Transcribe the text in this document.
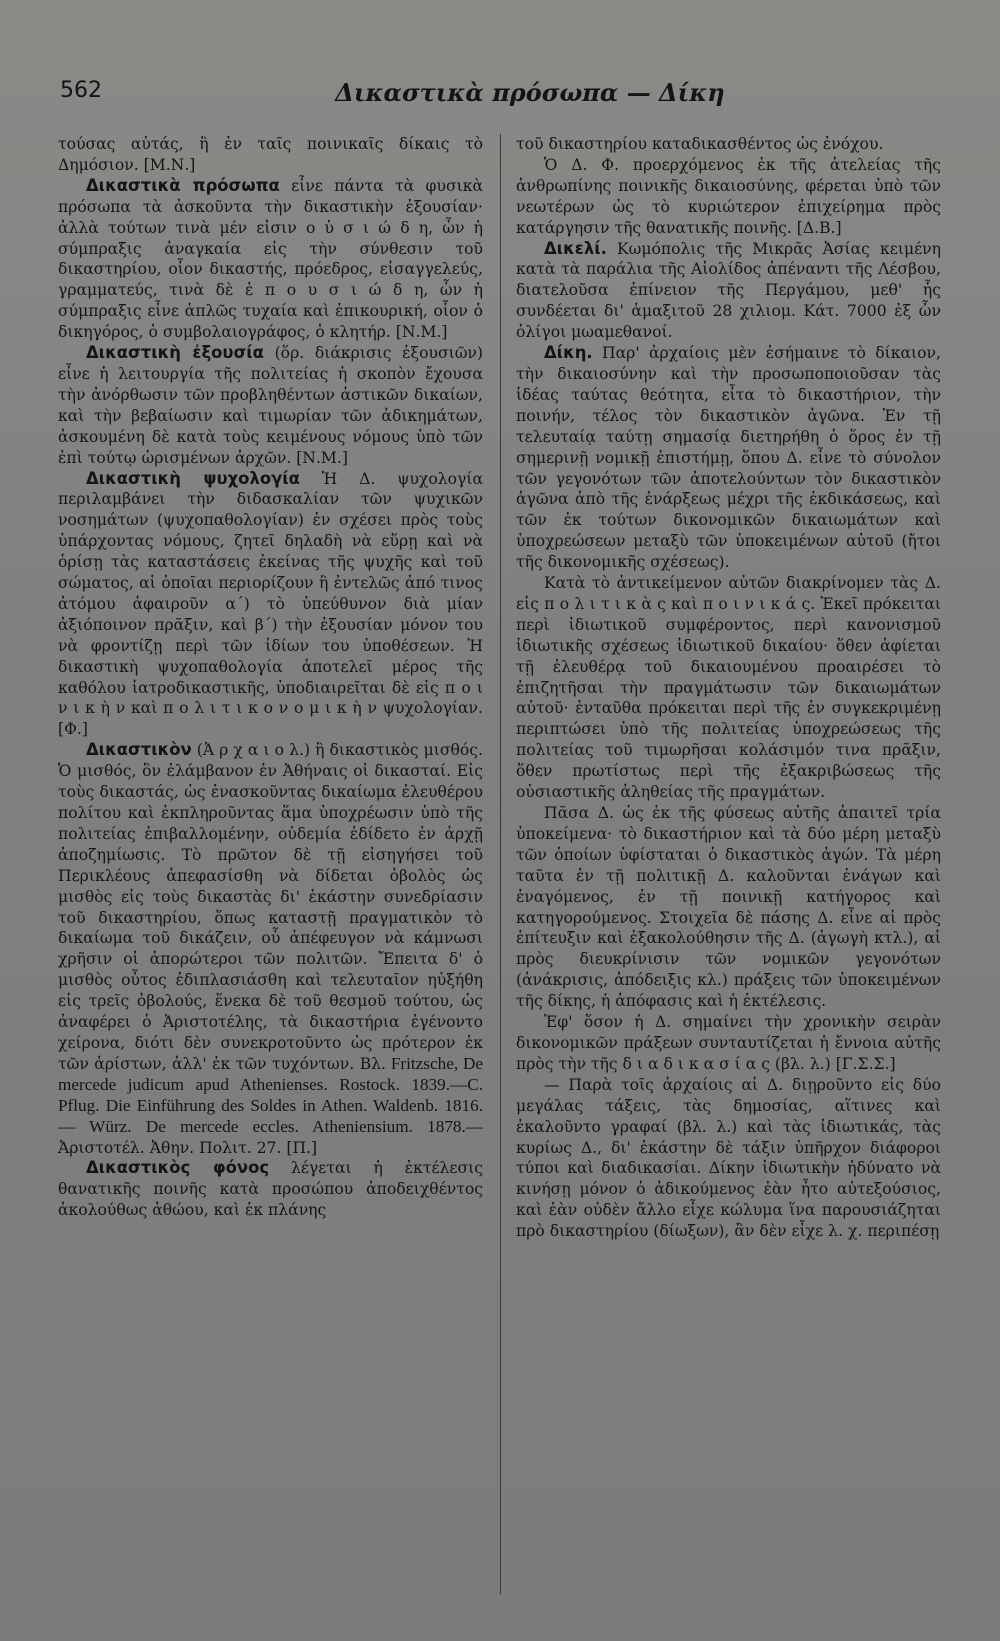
562	Δικαστικὰ πρόσωπα — Δίκη

τούσας αὐτάς, ἢ ἐν ταῖς ποινικαῖς δίκαις τὸ Δημόσιον. [Μ.Ν.]

Δικαστικὰ πρόσωπα εἶνε πάντα τὰ φυσικὰ πρόσωπα τὰ ἀσκοῦντα τὴν δικαστικὴν ἐξουσίαν· ἀλλὰ τούτων τινὰ μέν εἰσιν ο ὑ σ ι ώ δ η, ὧν ἡ σύμπραξις ἀναγκαία εἰς τὴν σύνθεσιν τοῦ δικαστηρίου, οἷον δικαστής, πρόεδρος, εἰσαγγελεύς, γραμματεύς, τινὰ δὲ ἐ π ο υ σ ι ώ δ η, ὧν ἡ σύμπραξις εἶνε ἁπλῶς τυχαία καὶ ἐπικουρική, οἷον ὁ δικηγόρος, ὁ συμβολαιογράφος, ὁ κλητήρ. [Ν.Μ.]

Δικαστικὴ ἐξουσία (ὅρ. διάκρισις ἐξουσιῶν) εἶνε ἡ λειτουργία τῆς πολιτείας ἡ σκοπὸν ἔχουσα τὴν ἀνόρθωσιν τῶν προβληθέντων ἀστικῶν δικαίων, καὶ τὴν βεβαίωσιν καὶ τιμωρίαν τῶν ἀδικημάτων, ἀσκουμένη δὲ κατὰ τοὺς κειμένους νόμους ὑπὸ τῶν ἐπὶ τούτῳ ὡρισμένων ἀρχῶν. [Ν.Μ.]

Δικαστικὴ ψυχολογία Ἡ Δ. ψυχολογία περιλαμβάνει τὴν διδασκαλίαν τῶν ψυχικῶν νοσημάτων (ψυχοπαθολογίαν) ἐν σχέσει πρὸς τοὺς ὑπάρχοντας νόμους, ζητεῖ δηλαδὴ νὰ εὕρῃ καὶ νὰ ὁρίσῃ τὰς καταστάσεις ἐκείνας τῆς ψυχῆς καὶ τοῦ σώματος, αἱ ὁποῖαι περιορίζουν ἢ ἐντελῶς ἀπό τινος ἀτόμου ἀφαιροῦν α΄) τὸ ὑπεύθυνον διὰ μίαν ἀξιόποινον πρᾶξιν, καὶ β΄) τὴν ἐξουσίαν μόνον του νὰ φροντίζῃ περὶ τῶν ἰδίων του ὑποθέσεων. Ἡ δικαστικὴ ψυχοπαθολογία ἀποτελεῖ μέρος τῆς καθόλου ἰατροδικαστικῆς, ὑποδιαιρεῖται δὲ εἰς π ο ι ν ι κ ὴ ν καὶ π ο λ ι τ ι κ ο ν ο μ ι κ ὴ ν ψυχολογίαν. [Φ.]

Δικαστικὸν (Ἀ ρ χ α ι ο λ.) ἢ δικαστικὸς μισθός. Ὁ μισθός, ὃν ἐλάμβανον ἐν Ἀθήναις οἱ δικασταί. Εἰς τοὺς δικαστάς, ὡς ἐνασκοῦντας δικαίωμα ἐλευθέρου πολίτου καὶ ἐκπληροῦντας ἅμα ὑποχρέωσιν ὑπὸ τῆς πολιτείας ἐπιβαλλομένην, οὐδεμία ἐδίδετο ἐν ἀρχῇ ἀποζημίωσις. Τὸ πρῶτον δὲ τῇ εἰσηγήσει τοῦ Περικλέους ἀπεφασίσθη νὰ δίδεται ὀβολὸς ὡς μισθὸς εἰς τοὺς δικαστὰς δι' ἑκάστην συνεδρίασιν τοῦ δικαστηρίου, ὅπως καταστῇ πραγματικὸν τὸ δικαίωμα τοῦ δικάζειν, οὗ ἀπέφευγον νὰ κάμνωσι χρῆσιν οἱ ἀπορώτεροι τῶν πολιτῶν. Ἔπειτα δ' ὁ μισθὸς οὗτος ἐδιπλασιάσθη καὶ τελευταῖον ηὐξήθη εἰς τρεῖς ὀβολούς, ἕνεκα δὲ τοῦ θεσμοῦ τούτου, ὡς ἀναφέρει ὁ Ἀριστοτέλης, τὰ δικαστήρια ἐγένοντο χείρονα, διότι δὲν συνεκροτοῦντο ὡς πρότερον ἐκ τῶν ἀρίστων, ἀλλ' ἐκ τῶν τυχόντων. Βλ. Fritzsche, De mercede judicum apud Athenienses. Rostock. 1839.—C. Pflug. Die Einführung des Soldes in Athen. Waldenb. 1816. — Würz. De mercede eccles. Atheniensium. 1878.—Ἀριστοτέλ. Ἀθην. Πολιτ. 27. [Π.]

Δικαστικὸς φόνος λέγεται ἡ ἐκτέλεσις θανατικῆς ποινῆς κατὰ προσώπου ἀποδειχθέντος ἀκολούθως ἀθώου, καὶ ἐκ πλάνης

τοῦ δικαστηρίου καταδικασθέντος ὡς ἐνόχου.

Ὁ Δ. Φ. προερχόμενος ἐκ τῆς ἀτελείας τῆς ἀνθρωπίνης ποινικῆς δικαιοσύνης, φέρεται ὑπὸ τῶν νεωτέρων ὡς τὸ κυριώτερον ἐπιχείρημα πρὸς κατάργησιν τῆς θανατικῆς ποινῆς. [Δ.Β.]

Δικελί. Κωμόπολις τῆς Μικρᾶς Ἀσίας κειμένη κατὰ τὰ παράλια τῆς Αἰολίδος ἀπέναντι τῆς Λέσβου, διατελοῦσα ἐπίνειον τῆς Περγάμου, μεθ' ἧς συνδέεται δι' ἁμαξιτοῦ 28 χιλιομ. Κάτ. 7000 ἐξ ὧν ὀλίγοι μωαμεθανοί.

Δίκη. Παρ' ἀρχαίοις μὲν ἐσήμαινε τὸ δίκαιον, τὴν δικαιοσύνην καὶ τὴν προσωποποιοῦσαν τὰς ἰδέας ταύτας θεότητα, εἶτα τὸ δικαστήριον, τὴν ποινήν, τέλος τὸν δικαστικὸν ἀγῶνα. Ἐν τῇ τελευταίᾳ ταύτῃ σημασίᾳ διετηρήθη ὁ ὅρος ἐν τῇ σημερινῇ νομικῇ ἐπιστήμῃ, ὅπου Δ. εἶνε τὸ σύνολον τῶν γεγονότων τῶν ἀποτελούντων τὸν δικαστικὸν ἀγῶνα ἀπὸ τῆς ἐνάρξεως μέχρι τῆς ἐκδικάσεως, καὶ τῶν ἐκ τούτων δικονομικῶν δικαιωμάτων καὶ ὑποχρεώσεων μεταξὺ τῶν ὑποκειμένων αὐτοῦ (ἤτοι τῆς δικονομικῆς σχέσεως).

Κατὰ τὸ ἀντικείμενον αὐτῶν διακρίνομεν τὰς Δ. εἰς π ο λ ι τ ι κ ὰ ς καὶ π ο ι ν ι κ ά ς. Ἐκεῖ πρόκειται περὶ ἰδιωτικοῦ συμφέροντος, περὶ κανονισμοῦ ἰδιωτικῆς σχέσεως ἰδιωτικοῦ δικαίου· ὅθεν ἀφίεται τῇ ἐλευθέρᾳ τοῦ δικαιουμένου προαιρέσει τὸ ἐπιζητῆσαι τὴν πραγμάτωσιν τῶν δικαιωμάτων αὐτοῦ· ἐνταῦθα πρόκειται περὶ τῆς ἐν συγκεκριμένῃ περιπτώσει ὑπὸ τῆς πολιτείας ὑποχρεώσεως τῆς πολιτείας τοῦ τιμωρῆσαι κολάσιμόν τινα πρᾶξιν, ὅθεν πρωτίστως περὶ τῆς ἐξακριβώσεως τῆς οὐσιαστικῆς ἀληθείας τῆς πραγμάτων.

Πᾶσα Δ. ὡς ἐκ τῆς φύσεως αὐτῆς ἀπαιτεῖ τρία ὑποκείμενα· τὸ δικαστήριον καὶ τὰ δύο μέρη μεταξὺ τῶν ὁποίων ὑφίσταται ὁ δικαστικὸς ἀγών. Τὰ μέρη ταῦτα ἐν τῇ πολιτικῇ Δ. καλοῦνται ἐνάγων καὶ ἐναγόμενος, ἐν τῇ ποινικῇ κατήγορος καὶ κατηγορούμενος. Στοιχεῖα δὲ πάσης Δ. εἶνε αἱ πρὸς ἐπίτευξιν καὶ ἐξακολούθησιν τῆς Δ. (ἀγωγὴ κτλ.), αἱ πρὸς διευκρίνισιν τῶν νομικῶν γεγονότων (ἀνάκρισις, ἀπόδειξις κλ.) πράξεις τῶν ὑποκειμένων τῆς δίκης, ἡ ἀπόφασις καὶ ἡ ἐκτέλεσις.

Ἐφ' ὅσον ἡ Δ. σημαίνει τὴν χρονικὴν σειρὰν δικονομικῶν πράξεων συνταυτίζεται ἡ ἔννοια αὐτῆς πρὸς τὴν τῆς δ ι α δ ι κ α σ ί α ς (βλ. λ.) [Γ.Σ.Σ.]

— Παρὰ τοῖς ἀρχαίοις αἱ Δ. διῃροῦντο εἰς δύο μεγάλας τάξεις, τὰς δημοσίας, αἵτινες καὶ ἐκαλοῦντο γραφαί (βλ. λ.) καὶ τὰς ἰδιωτικάς, τὰς κυρίως Δ., δι' ἑκάστην δὲ τάξιν ὑπῆρχον διάφοροι τύποι καὶ διαδικασίαι. Δίκην ἰδιωτικὴν ἠδύνατο νὰ κινήσῃ μόνον ὁ ἀδικούμενος ἐὰν ἦτο αὐτεξούσιος, καὶ ἐὰν οὐδὲν ἄλλο εἶχε κώλυμα ἵνα παρουσιάζηται πρὸ δικαστηρίου (δίωξων), ἂν δὲν εἶχε λ. χ. περιπέσῃ
